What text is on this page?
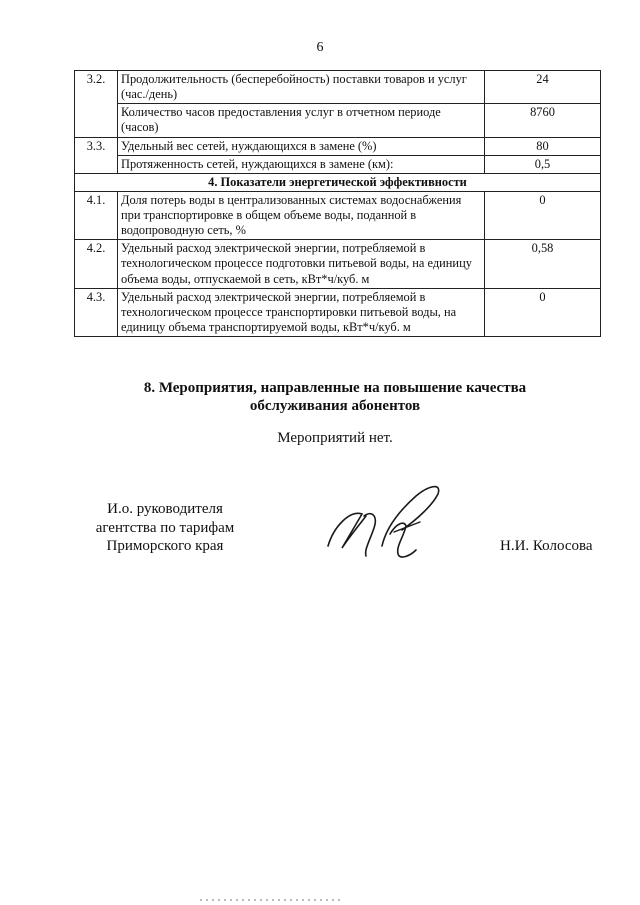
6
3.2.	Продолжительность (бесперебойность) поставки товаров и услуг (час./день)	24
	Количество часов предоставления услуг в отчетном периоде (часов)	8760
3.3.	Удельный вес сетей, нуждающихся в замене (%)	80
	Протяженность сетей, нуждающихся в замене (км):	0,5
4. Показатели энергетической эффективности		
4.1.	Доля потерь воды в централизованных системах водоснабжения при транспортировке в общем объеме воды, поданной в водопроводную сеть, %	0
4.2.	Удельный расход электрической энергии, потребляемой в технологическом процессе подготовки питьевой воды, на единицу объема воды, отпускаемой в сеть, кВт*ч/куб. м	0,58
4.3.	Удельный расход электрической энергии, потребляемой в технологическом процессе транспортировки питьевой воды, на единицу объема транспортируемой воды, кВт*ч/куб. м	0
8. Мероприятия, направленные на повышение качества
обслуживания абонентов
Мероприятий нет.
И.о. руководителя
агентства по тарифам
Приморского края	Н.И. Колосова
